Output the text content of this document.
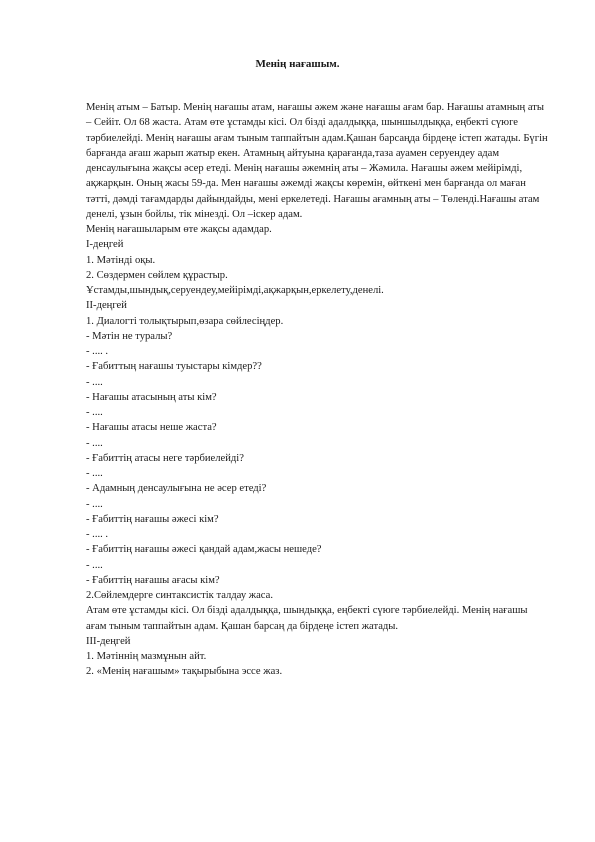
Менің нағашым.

Менің атым – Батыр. Менің нағашы атам, нағашы әжем және нағашы ағам бар. Нағашы атамның аты – Сейіт. Ол 68 жаста. Атам өте ұстамды кісі. Ол бізді адалдыққа, шыншылдыққа, еңбекті сүюге тәрбиелейді. Менің нағашы ағам тыным таппайтын адам.Қашан барсаңда бірдеңе істеп жатады. Бүгін барғанда ағаш жарып жатыр екен. Атамның айтуына қарағанда,таза ауамен серуендеу адам денсаулығына жақсы әсер етеді. Менің нағашы әжемнің аты – Жәмила. Нағашы әжем мейірімді, ақжарқын. Оның жасы 59-да. Мен нағашы әжемді жақсы көремін, өйткені мен барғанда ол маған тәтті, дәмді тағамдарды дайындайды, мені еркелетеді. Нағашы ағамның аты – Төленді.Нағашы атам денелі, ұзын бойлы, тік мінезді. Ол –іскер адам.

Менің нағашыларым өте жақсы адамдар.

І-деңгей

1. Мәтінді оқы.

2. Сөздермен сөйлем құрастыр.

Ұстамды,шындық,серуендеу,мейірімді,ақжарқын,еркелету,денелі.

ІІ-деңгей

1. Диалогті толықтырып,өзара сөйлесіңдер.

- Мәтін не туралы?

- .... .

- Ғабиттың нағашы туыстары кімдер??

- ....

- Нағашы атасының аты кім?

- ....

- Нағашы атасы неше жаста?

- ....

- Ғабиттің атасы неге тәрбиелейді?

- ....

- Адамның денсаулығына не әсер етеді?

- ....

- Ғабиттің нағашы әжесі кім?

- .... .

- Ғабиттің нағашы әжесі қандай адам,жасы нешеде?

- ....

- Ғабиттің нағашы ағасы кім?

2.Сөйлемдерге синтаксистік талдау жаса.

Атам өте ұстамды кісі. Ол бізді адалдыққа, шындыққа, еңбекті сүюге тәрбиелейді. Менің нағашы ағам тыным таппайтын адам. Қашан барсаң да бірдеңе істеп жатады.

ІІІ-деңгей

1. Мәтіннің мазмұнын айт.

2. «Менің нағашым» тақырыбына эссе жаз.
